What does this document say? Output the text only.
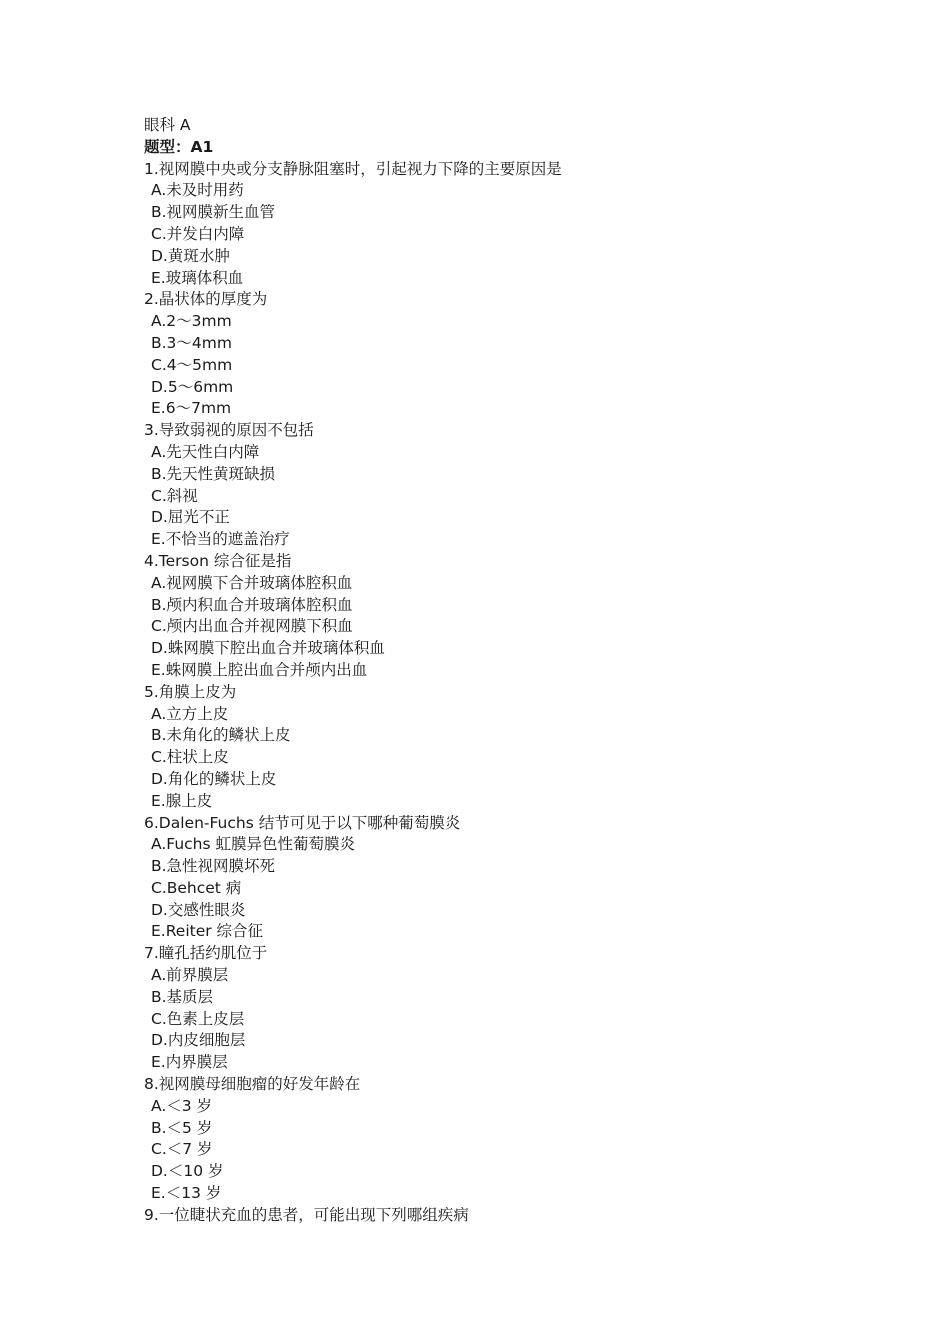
眼科 A
题型：A1
1.视网膜中央或分支静脉阻塞时，引起视力下降的主要原因是
A.未及时用药
B.视网膜新生血管
C.并发白内障
D.黄斑水肿
E.玻璃体积血
2.晶状体的厚度为
A.2～3mm
B.3～4mm
C.4～5mm
D.5～6mm
E.6～7mm
3.导致弱视的原因不包括
A.先天性白内障
B.先天性黄斑缺损
C.斜视
D.屈光不正
E.不恰当的遮盖治疗
4.Terson 综合征是指
A.视网膜下合并玻璃体腔积血
B.颅内积血合并玻璃体腔积血
C.颅内出血合并视网膜下积血
D.蛛网膜下腔出血合并玻璃体积血
E.蛛网膜上腔出血合并颅内出血
5.角膜上皮为
A.立方上皮
B.未角化的鳞状上皮
C.柱状上皮
D.角化的鳞状上皮
E.腺上皮
6.Dalen-Fuchs 结节可见于以下哪种葡萄膜炎
A.Fuchs 虹膜异色性葡萄膜炎
B.急性视网膜坏死
C.Behcet 病
D.交感性眼炎
E.Reiter 综合征
7.瞳孔括约肌位于
A.前界膜层
B.基质层
C.色素上皮层
D.内皮细胞层
E.内界膜层
8.视网膜母细胞瘤的好发年龄在
A.＜3 岁
B.＜5 岁
C.＜7 岁
D.＜10 岁
E.＜13 岁
9.一位睫状充血的患者，可能出现下列哪组疾病
